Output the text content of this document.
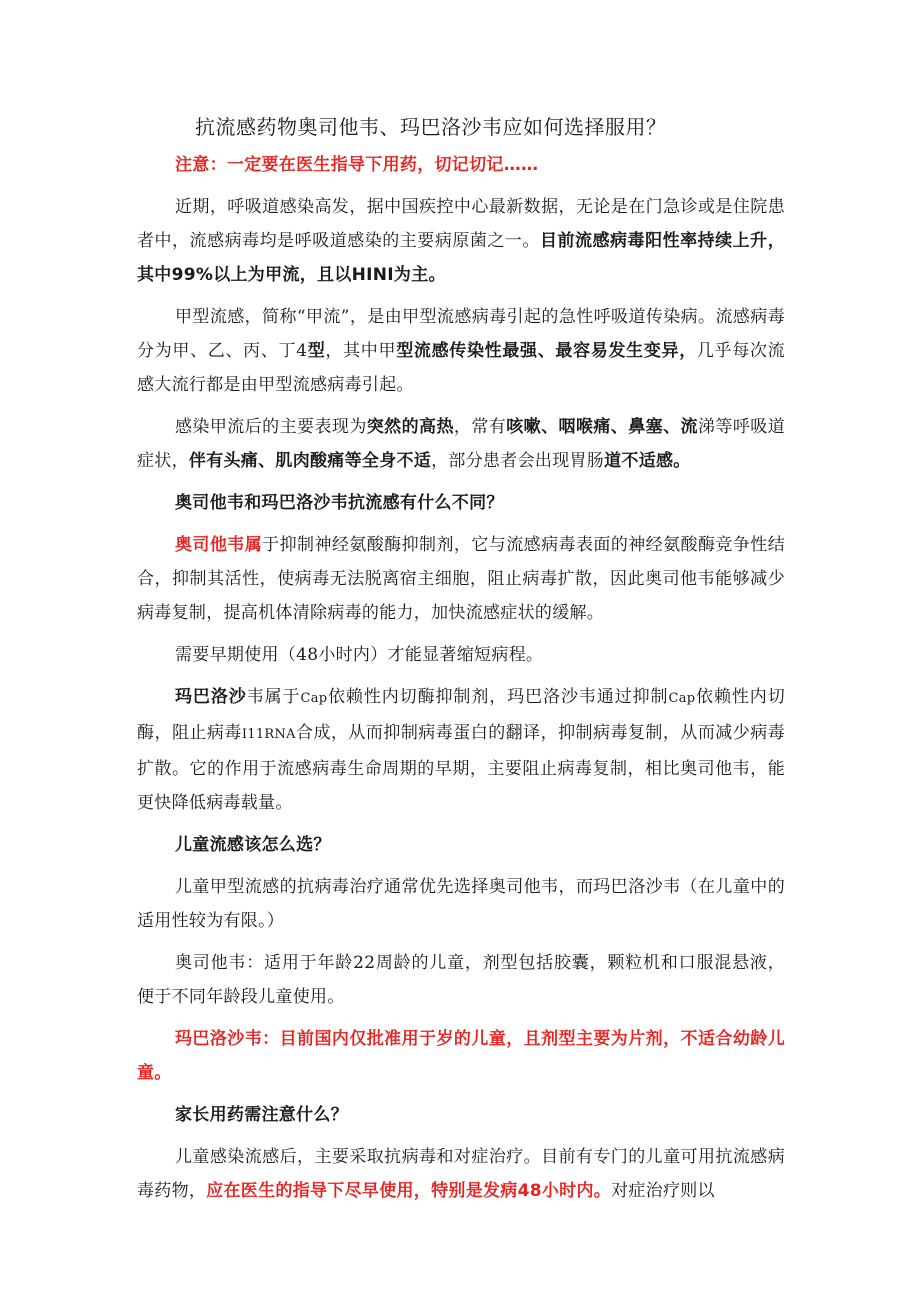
抗流感药物奥司他韦、玛巴洛沙韦应如何选择服用？

注意：一定要在医生指导下用药，切记切记……

近期，呼吸道感染高发，据中国疾控中心最新数据，无论是在门急诊或是住院患者中，流感病毒均是呼吸道感染的主要病原菌之一。目前流感病毒阳性率持续上升，其中99%以上为甲流，且以HINI为主。

甲型流感，简称“甲流”，是由甲型流感病毒引起的急性呼吸道传染病。流感病毒分为甲、乙、丙、丁4型，其中甲型流感传染性最强、最容易发生变异，几乎每次流感大流行都是由甲型流感病毒引起。

感染甲流后的主要表现为突然的高热，常有咳嗽、咽喉痛、鼻塞、流涕等呼吸道症状，伴有头痛、肌肉酸痛等全身不适，部分患者会出现胃肠道不适感。

奥司他韦和玛巴洛沙韦抗流感有什么不同？

奥司他韦属于抑制神经氨酸酶抑制剂，它与流感病毒表面的神经氨酸酶竞争性结合，抑制其活性，使病毒无法脱离宿主细胞，阻止病毒扩散，因此奥司他韦能够减少病毒复制，提高机体清除病毒的能力，加快流感症状的缓解。

需要早期使用（48小时内）才能显著缩短病程。

玛巴洛沙韦属于Cap依赖性内切酶抑制剂，玛巴洛沙韦通过抑制Cap依赖性内切酶，阻止病毒I11RNA合成，从而抑制病毒蛋白的翻译，抑制病毒复制，从而减少病毒扩散。它的作用于流感病毒生命周期的早期，主要阻止病毒复制，相比奥司他韦，能更快降低病毒载量。

儿童流感该怎么选？

儿童甲型流感的抗病毒治疗通常优先选择奥司他韦，而玛巴洛沙韦（在儿童中的适用性较为有限。）

奥司他韦：适用于年龄22周龄的儿童，剂型包括胶囊，颗粒机和口服混悬液，便于不同年龄段儿童使用。

玛巴洛沙韦：目前国内仅批准用于岁的儿童，且剂型主要为片剂，不适合幼龄儿童。

家长用药需注意什么？

儿童感染流感后，主要采取抗病毒和对症治疗。目前有专门的儿童可用抗流感病毒药物，应在医生的指导下尽早使用，特别是发病48小时内。对症治疗则以
